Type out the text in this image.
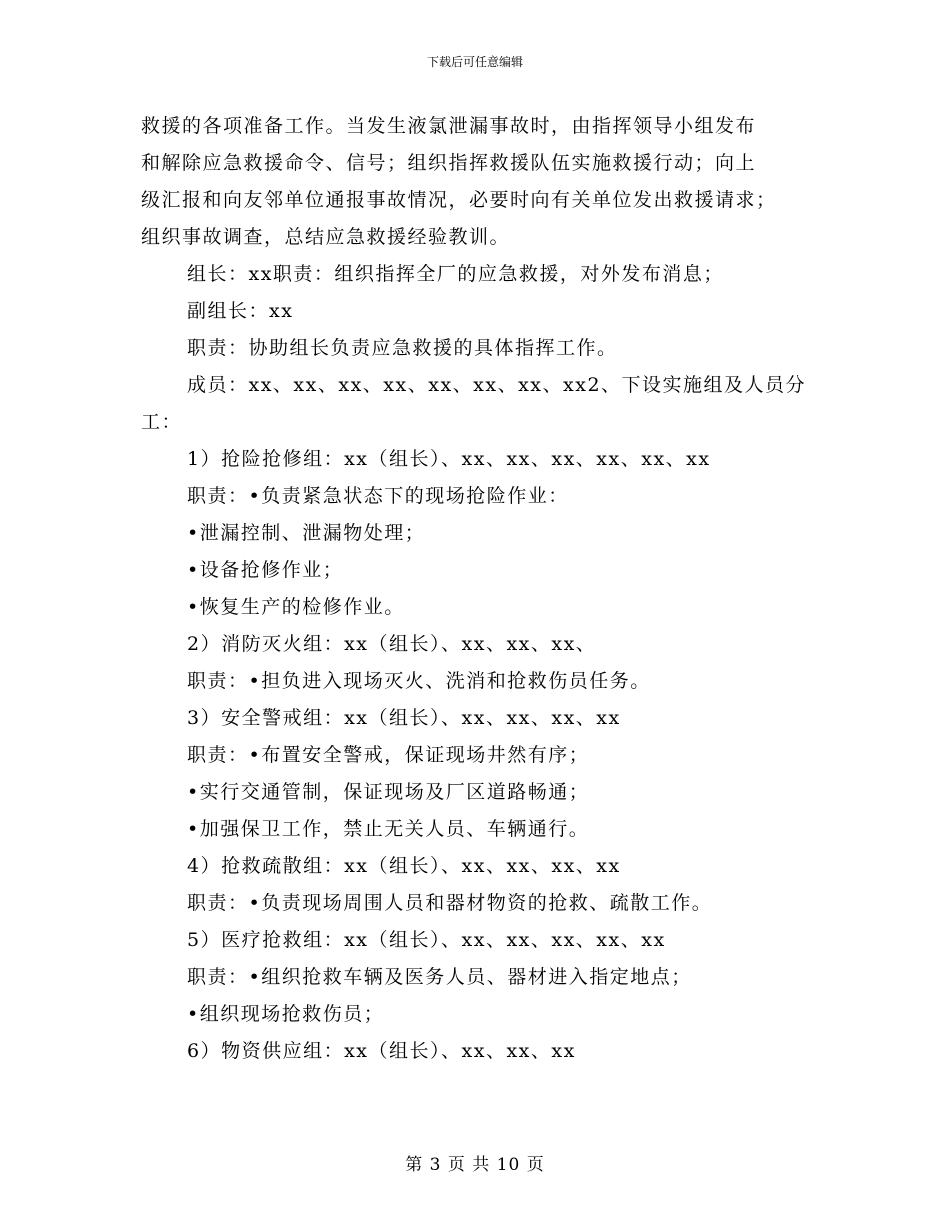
下载后可任意编辑
救援的各项准备工作。当发生液氯泄漏事故时，由指挥领导小组发布
和解除应急救援命令、信号；组织指挥救援队伍实施救援行动；向上
级汇报和向友邻单位通报事故情况，必要时向有关单位发出救援请求；
组织事故调查，总结应急救援经验教训。
组长：xx职责：组织指挥全厂的应急救援，对外发布消息；
副组长：xx
职责：协助组长负责应急救援的具体指挥工作。
成员：xx、xx、xx、xx、xx、xx、xx、xx2、下设实施组及人员分
工：
1）抢险抢修组：xx（组长）、xx、xx、xx、xx、xx、xx
职责：•负责紧急状态下的现场抢险作业：
•泄漏控制、泄漏物处理；
•设备抢修作业；
•恢复生产的检修作业。
2）消防灭火组：xx（组长）、xx、xx、xx、
职责：•担负进入现场灭火、洗消和抢救伤员任务。
3）安全警戒组：xx（组长）、xx、xx、xx、xx
职责：•布置安全警戒，保证现场井然有序；
•实行交通管制，保证现场及厂区道路畅通；
•加强保卫工作，禁止无关人员、车辆通行。
4）抢救疏散组：xx（组长）、xx、xx、xx、xx
职责：•负责现场周围人员和器材物资的抢救、疏散工作。
5）医疗抢救组：xx（组长）、xx、xx、xx、xx、xx
职责：•组织抢救车辆及医务人员、器材进入指定地点；
•组织现场抢救伤员；
6）物资供应组：xx（组长）、xx、xx、xx
第 3 页 共 10 页
